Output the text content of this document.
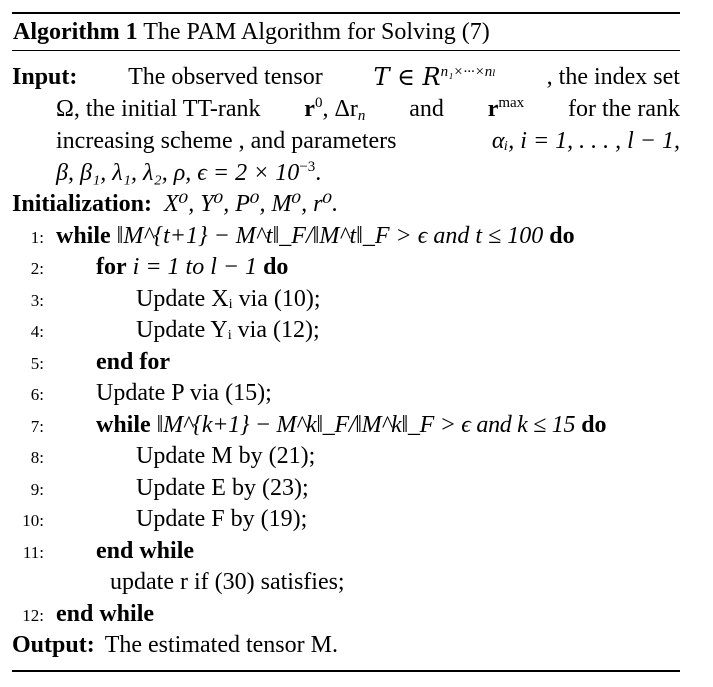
Algorithm 1 The PAM Algorithm for Solving (7)
Input: The observed tensor T ∈ $R^{n_1\times\cdot\cdot\cdot\times n_l}$ , the index set
Ω, the initial TT-rank $r^0$, $\Delta r_n$ and $r^{max}$ for the rank
increasing scheme , and parameters	αᵢ, i = 1, . . . , l − 1,
β, β₁, λ₁, λ₂, ρ, $\epsilon = 2 \times 10^{-3}$.
Initialization: X⁰, Y⁰, P⁰, M⁰, r⁰.
1: while ‖M^{t+1} − M^t‖_F/‖M^t‖_F > ϵ and t ≤ 100 do
2: for i = 1 to l − 1 do
3:	Update Xᵢ via (10);
4:	Update Yᵢ via (12);
5: end for
6: Update P via (15);
7: while ‖M^{k+1} − M^k‖_F/‖M^k‖_F > ϵ and k ≤ 15 do
8:	Update M by (21);
9:	Update E by (23);
10:	Update F by (19);
11: end while
update r if (30) satisfies;
12: end while
Output: The estimated tensor M.
